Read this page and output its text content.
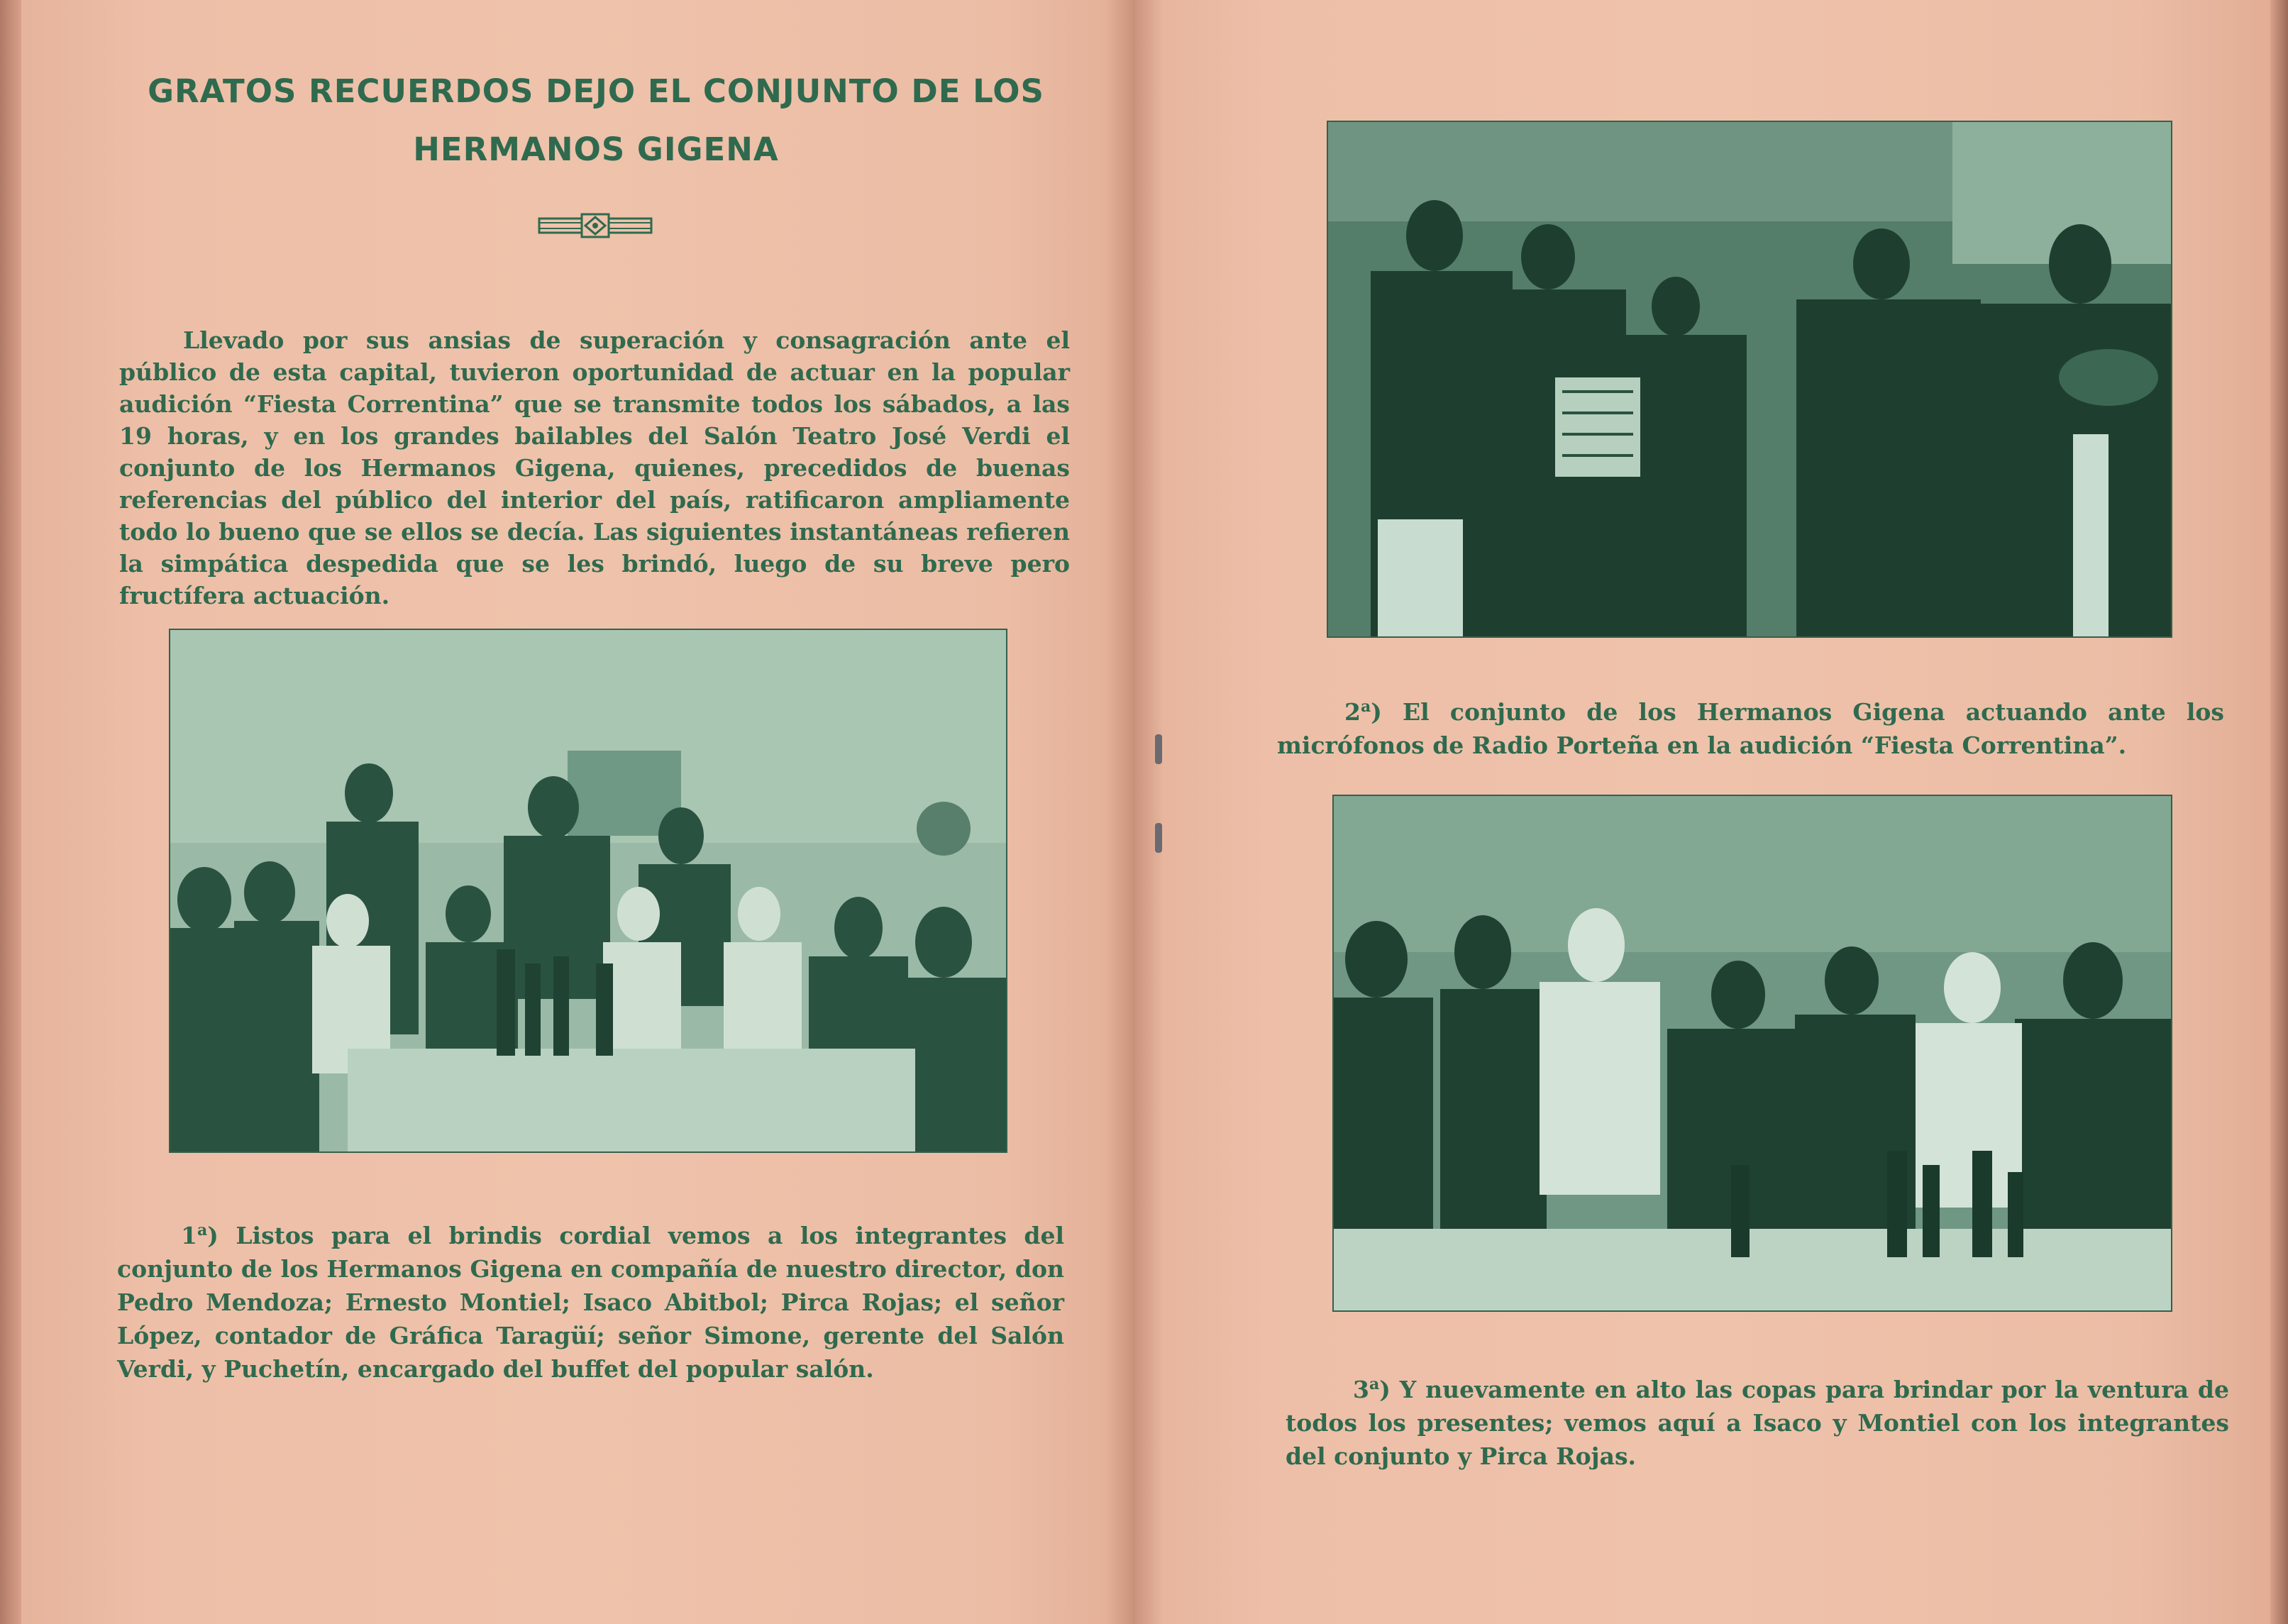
GRATOS RECUERDOS DEJO EL CONJUNTO DE LOS
HERMANOS GIGENA

Llevado por sus ansias de superación y consagración ante el público de esta capital, tuvieron oportunidad de actuar en la popular audición “Fiesta Correntina” que se transmite todos los sábados, a las 19 horas, y en los grandes bailables del Salón Teatro José Verdi el conjunto de los Hermanos Gigena, quienes, precedidos de buenas referencias del público del interior del país, ratificaron ampliamente todo lo bueno que se ellos se decía. Las siguientes instantáneas refieren la simpática despedida que se les brindó, luego de su breve pero fructífera actuación.

1$^a$) Listos para el brindis cordial vemos a los integrantes del conjunto de los Hermanos Gigena en compañía de nuestro director, don Pedro Mendoza; Ernesto Montiel; Isaco Abitbol; Pirca Rojas; el señor López, contador de Gráfica Taragüí; señor Simone, gerente del Salón Verdi, y Puchetín, encargado del buffet del popular salón.

2$^a$) El conjunto de los Hermanos Gigena actuando ante los micrófonos de Radio Porteña en la audición “Fiesta Correntina”.

3$^a$) Y nuevamente en alto las copas para brindar por la ventura de todos los presentes; vemos aquí a Isaco y Montiel con los integrantes del conjunto y Pirca Rojas.
